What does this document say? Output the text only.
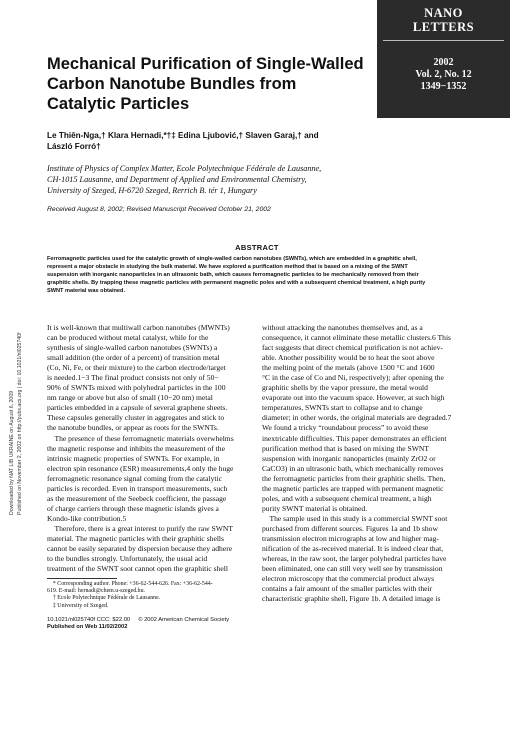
NANO
LETTERS
2002
Vol. 2, No. 12
1349−1352
Mechanical Purification of Single-Walled
Carbon Nanotube Bundles from
Catalytic Particles
Le Thiên-Nga,† Klara Hernadi,*†‡ Edina Ljubović,† Slaven Garaj,† and
László Forró†
Institute of Physics of Complex Matter, Ecole Polytechnique Fédérale de Lausanne,
CH-1015 Lausanne, and Department of Applied and Environmental Chemistry,
University of Szeged, H-6720 Szeged, Rerrich B. tér 1, Hungary
Received August 8, 2002; Revised Manuscript Received October 21, 2002
Downloaded by NAT LIB UKRAINE on August 6, 2009 Published on November 2, 2002 on http://pubs.acs.org | doi: 10.1021/nl025740f
ABSTRACT
Ferromagnetic particles used for the catalytic growth of single-walled carbon nanotubes (SWNTs), which are embedded in a graphitic shell,
represent a major obstacle in studying the bulk material. We have explored a purification method that is based on a mixing of the SWNT
suspension with inorganic nanoparticles in an ultrasonic bath, which causes ferromagnetic particles to be mechanically removed from their
graphitic shells. By trapping these magnetic particles with permanent magnetic poles and with a subsequent chemical treatment, a high purity
SWNT material was obtained.
It is well-known that multiwall carbon nanotubes (MWNTs)
can be produced without metal catalyst, while for the
synthesis of single-walled carbon nanotubes (SWNTs) a
small addition (the order of a percent) of transition metal
(Co, Ni, Fe, or their mixture) to the carbon electrode/target
is needed.1−3 The final product consists not only of 50−
90% of SWNTs mixed with polyhedral particles in the 100
nm range or above but also of small (10−20 nm) metal
particles embedded in a capsule of several graphene sheets.
These capsules generally cluster in aggregates and stick to
the nanotube bundles, or appear as roots for the SWNTs.
The presence of these ferromagnetic materials overwhelms
the magnetic response and inhibits the measurement of the
intrinsic magnetic properties of SWNTs. For example, in
electron spin resonance (ESR) measurements,4 only the huge
ferromagnetic resonance signal coming from the catalytic
particles is recorded. Even in transport measurements, such
as the measurement of the Seebeck coefficient, the passage
of charge carriers through these magnetic islands gives a
Kondo-like contribution.5
Therefore, there is a great interest to purify the raw SWNT
material. The magnetic particles with their graphitic shells
cannot be easily separated by dispersion because they adhere
to the bundles strongly. Unfortunately, the usual acid
treatment of the SWNT soot cannot open the graphitic shell
without attacking the nanotubes themselves and, as a
consequence, it cannot eliminate these metallic clusters.6 This
fact suggests that direct chemical purification is not achiev-
able. Another possibility would be to heat the soot above
the melting point of the metals (above 1500 °C and 1600
°C in the case of Co and Ni, respectively); after opening the
graphitic shells by the vapor pressure, the metal would
evaporate out into the vacuum space. However, at such high
temperatures, SWNTs start to collapse and to change
diameter; in other words, the original materials are degraded.7
We found a tricky “roundabout process” to avoid these
inextricable difficulties. This paper demonstrates an efficient
purification method that is based on mixing the SWNT
suspension with inorganic nanoparticles (mainly ZrO2 or
CaCO3) in an ultrasonic bath, which mechanically removes
the ferromagnetic particles from their graphitic shells. Then,
the magnetic particles are trapped with permanent magnetic
poles, and with a subsequent chemical treatment, a high
purity SWNT material is obtained.
The sample used in this study is a commercial SWNT soot
purchased from different sources. Figures 1a and 1b show
transmission electron micrographs at low and higher mag-
nification of the as-received material. It is indeed clear that,
whereas, in the raw soot, the larger polyhedral particles have
been eliminated, one can still very well see by transmission
electron microscopy that the commercial product always
contains a fair amount of the smaller particles with their
characteristic graphite shell, Figure 1b. A detailed image is
* Corresponding author. Phone: +36-62-544-626. Fax: +36-62-544-
619. E-mail: hernadi@chem.u-szeged.hu.
† Ecole Polytechnique Fédérale de Lausanne.
‡ University of Szeged.
10.1021/nl025740f CCC: $22.00     © 2002 American Chemical Society
Published on Web 11/02/2002
